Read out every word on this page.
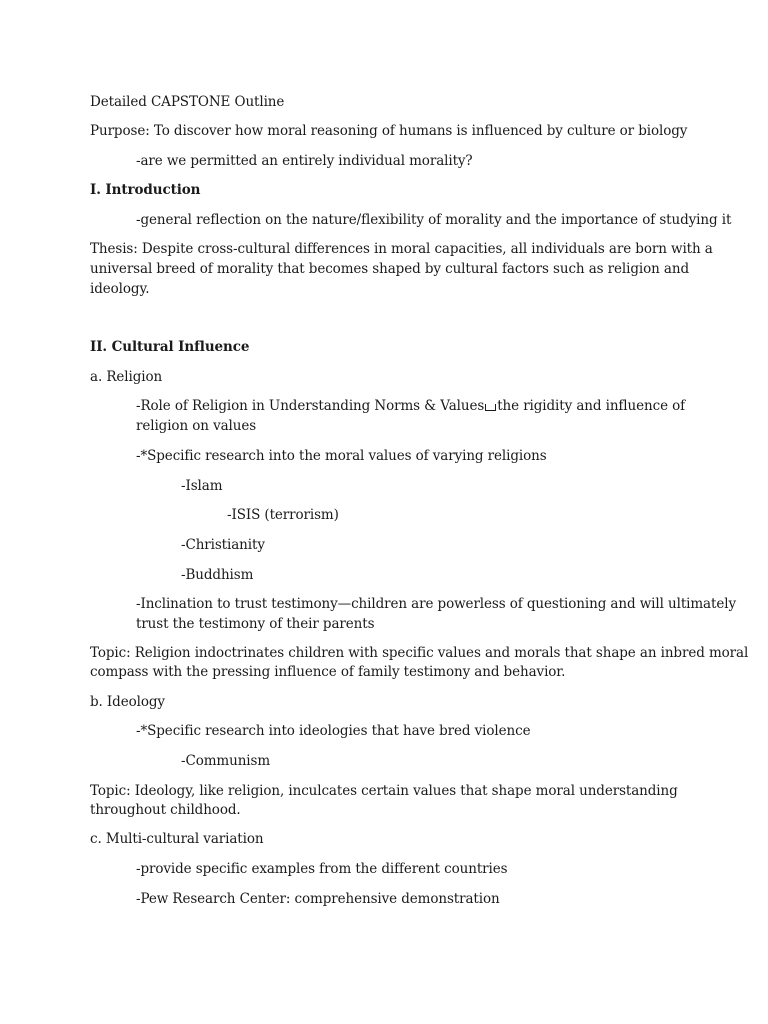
Detailed CAPSTONE Outline
Purpose: To discover how moral reasoning of humans is influenced by culture or biology
-are we permitted an entirely individual morality?
I. Introduction
-general reflection on the nature/flexibility of morality and the importance of studying it
Thesis: Despite cross-cultural differences in moral capacities, all individuals are born with a
universal breed of morality that becomes shaped by cultural factors such as religion and
ideology.
II. Cultural Influence
a. Religion
-Role of Religion in Understanding Norms & Values the rigidity and influence of
religion on values
-*Specific research into the moral values of varying religions
-Islam
-ISIS (terrorism)
-Christianity
-Buddhism
-Inclination to trust testimony—children are powerless of questioning and will ultimately
trust the testimony of their parents
Topic: Religion indoctrinates children with specific values and morals that shape an inbred moral
compass with the pressing influence of family testimony and behavior.
b. Ideology
-*Specific research into ideologies that have bred violence
-Communism
Topic: Ideology, like religion, inculcates certain values that shape moral understanding
throughout childhood.
c. Multi-cultural variation
-provide specific examples from the different countries
-Pew Research Center: comprehensive demonstration
